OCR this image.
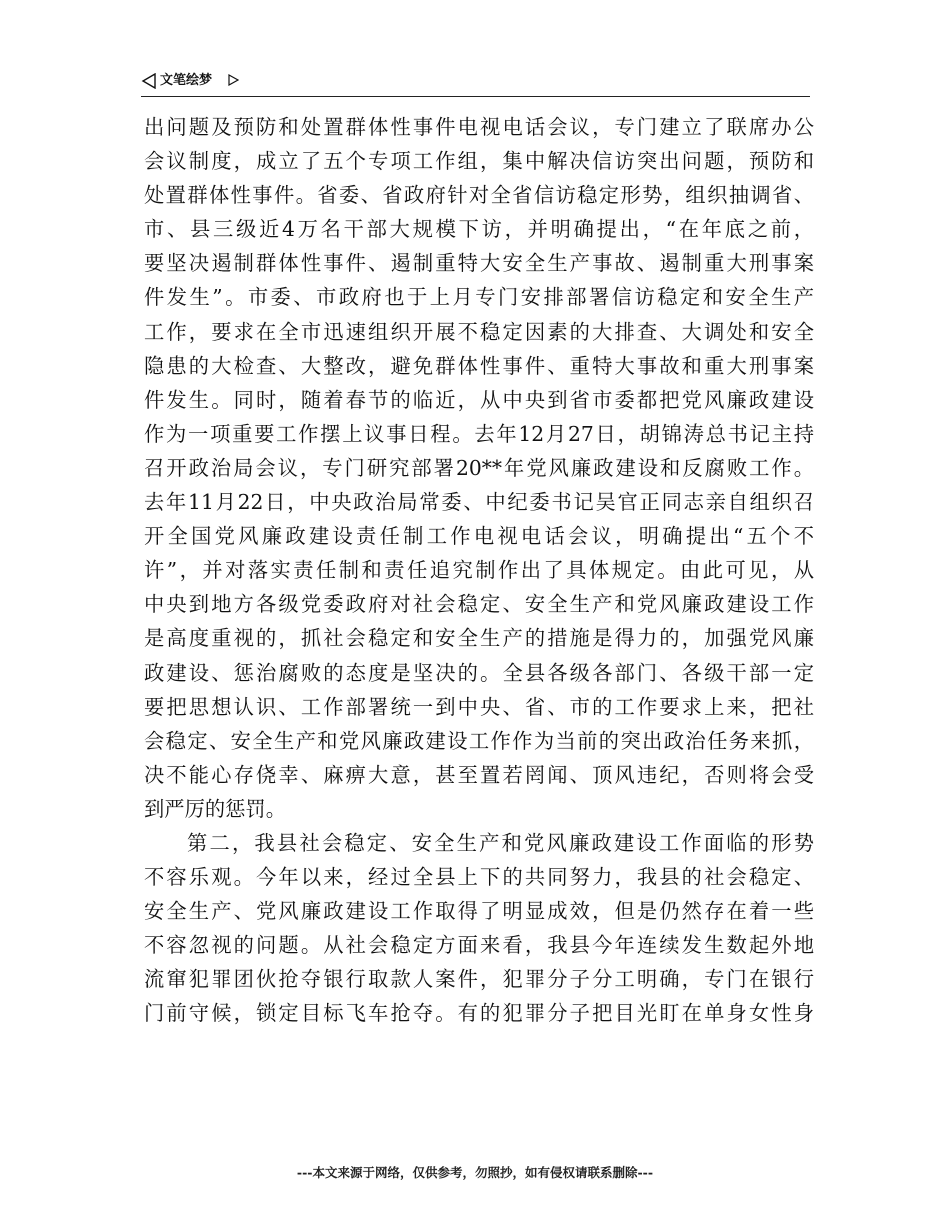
文笔绘梦
出问题及预防和处置群体性事件电视电话会议，专门建立了联席办公
会议制度，成立了五个专项工作组，集中解决信访突出问题，预防和
处置群体性事件。省委、省政府针对全省信访稳定形势，组织抽调省、
市、县三级近4万名干部大规模下访，并明确提出，“在年底之前，
要坚决遏制群体性事件、遏制重特大安全生产事故、遏制重大刑事案
件发生”。市委、市政府也于上月专门安排部署信访稳定和安全生产
工作，要求在全市迅速组织开展不稳定因素的大排查、大调处和安全
隐患的大检查、大整改，避免群体性事件、重特大事故和重大刑事案
件发生。同时，随着春节的临近，从中央到省市委都把党风廉政建设
作为一项重要工作摆上议事日程。去年12月27日，胡锦涛总书记主持
召开政治局会议，专门研究部署20**年党风廉政建设和反腐败工作。
去年11月22日，中央政治局常委、中纪委书记吴官正同志亲自组织召
开全国党风廉政建设责任制工作电视电话会议，明确提出“五个不
许”，并对落实责任制和责任追究制作出了具体规定。由此可见，从
中央到地方各级党委政府对社会稳定、安全生产和党风廉政建设工作
是高度重视的，抓社会稳定和安全生产的措施是得力的，加强党风廉
政建设、惩治腐败的态度是坚决的。全县各级各部门、各级干部一定
要把思想认识、工作部署统一到中央、省、市的工作要求上来，把社
会稳定、安全生产和党风廉政建设工作作为当前的突出政治任务来抓，
决不能心存侥幸、麻痹大意，甚至置若罔闻、顶风违纪，否则将会受
到严厉的惩罚。
第二，我县社会稳定、安全生产和党风廉政建设工作面临的形势
不容乐观。今年以来，经过全县上下的共同努力，我县的社会稳定、
安全生产、党风廉政建设工作取得了明显成效，但是仍然存在着一些
不容忽视的问题。从社会稳定方面来看，我县今年连续发生数起外地
流窜犯罪团伙抢夺银行取款人案件，犯罪分子分工明确，专门在银行
门前守候，锁定目标飞车抢夺。有的犯罪分子把目光盯在单身女性身
---本文来源于网络，仅供参考，勿照抄，如有侵权请联系删除---
